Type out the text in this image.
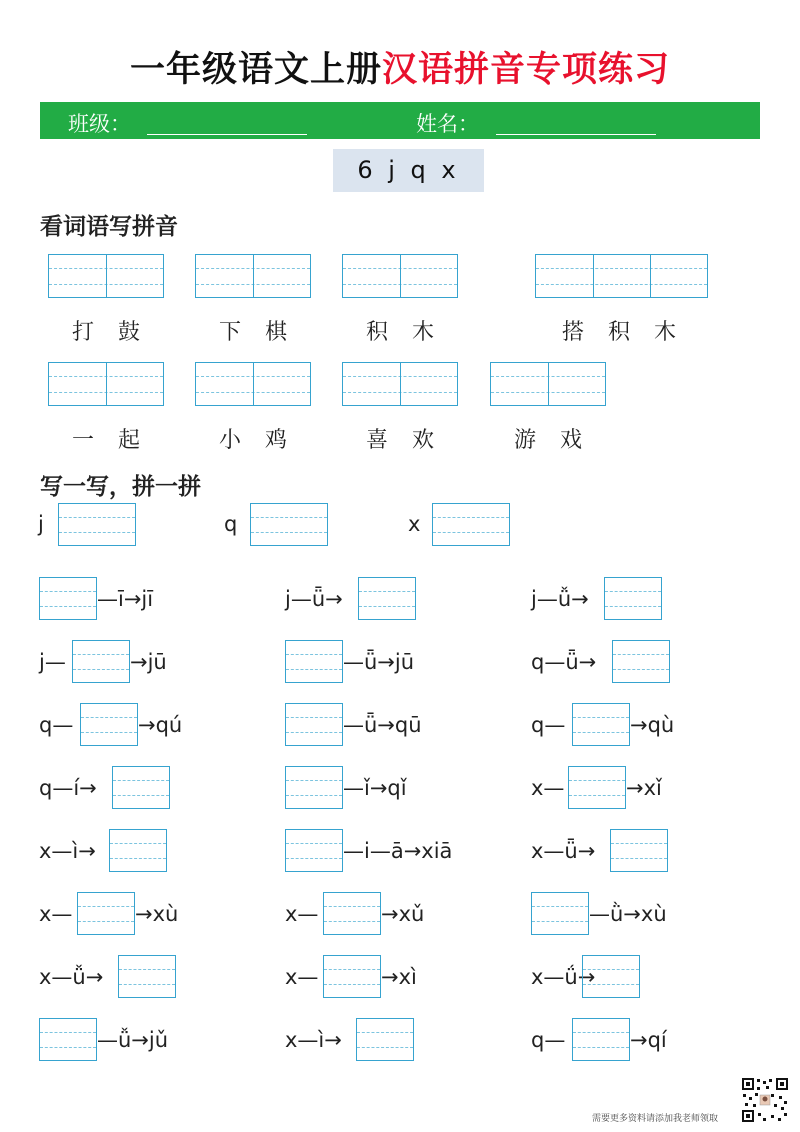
一年级语文上册汉语拼音专项练习
班级：	姓名：
6 j q x
看词语写拼音
打鼓 下棋 积木	搭积木
一起 小鸡 喜欢	游戏
写一写，拼一拼
j	q	x
—ī→jī	j—ǖ→	j—ǚ→
j—	→jū	—ǖ→jū	q—ǖ→
q—	→qú	—ǖ→qū	q—	→qù
q—í→	—ǐ→qǐ	x—	→xǐ
x—ì→	—i—ā→xiā	x—ǖ→
x—	→xù	x—	→xǔ	—ǜ→xù
x—ǚ→	x—	→xì	x—ǘ→
—ǚ→jǔ	x—ì→	q—	→qí
需要更多资料请添加我老师领取
